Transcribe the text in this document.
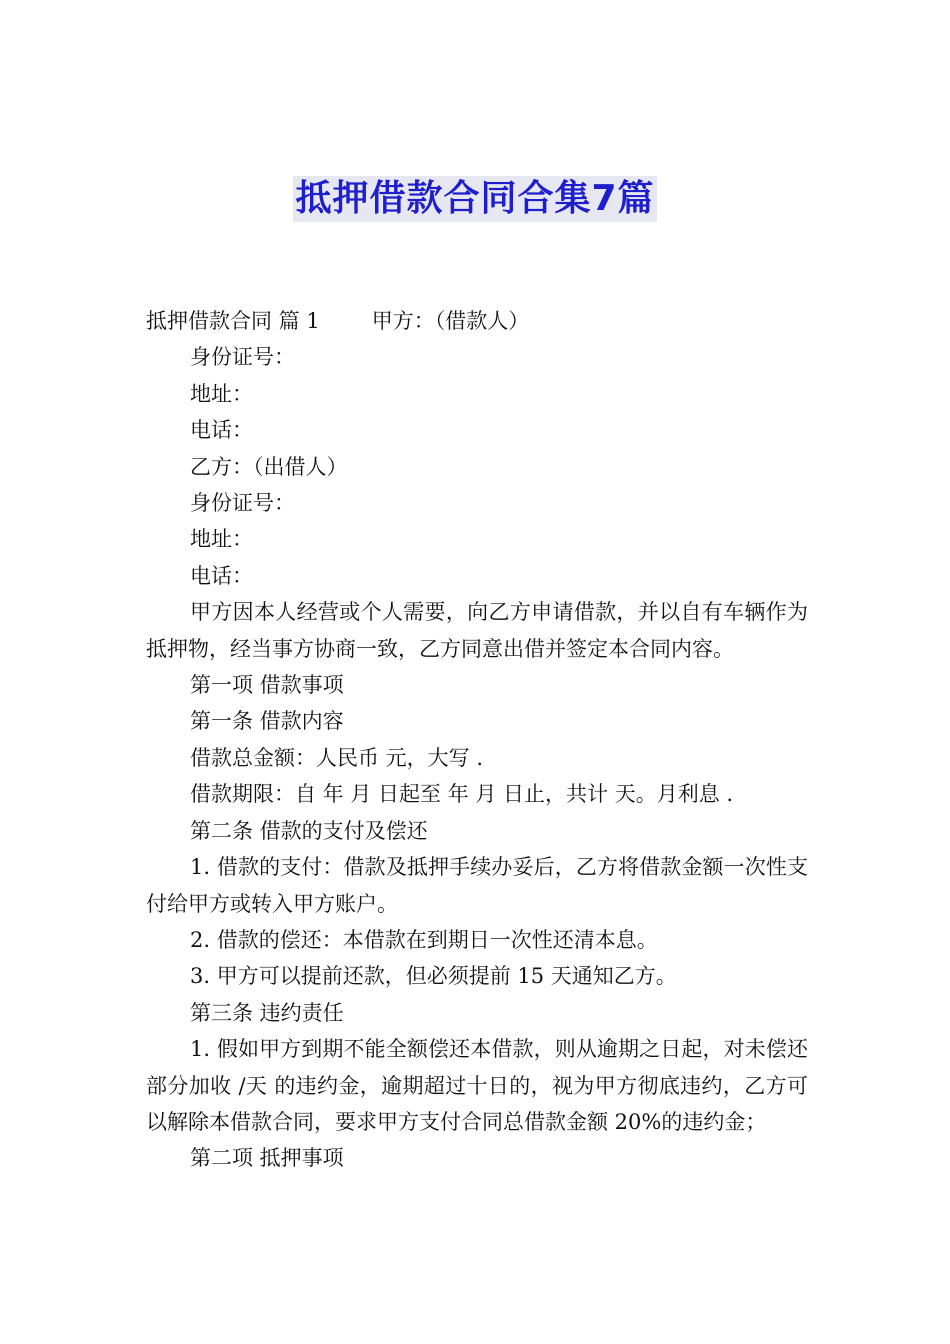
抵押借款合同合集7篇

抵押借款合同 篇 1 甲方：（借款人）

身份证号：

地址：

电话：

乙方：（出借人）

身份证号：

地址：

电话：

甲方因本人经营或个人需要，向乙方申请借款，并以自有车辆作为抵押物，经当事方协商一致，乙方同意出借并签定本合同内容。

第一项 借款事项

第一条 借款内容

借款总金额：人民币 元，大写 .

借款期限：自 年 月 日起至 年 月 日止，共计 天。月利息 .

第二条 借款的支付及偿还

1. 借款的支付：借款及抵押手续办妥后，乙方将借款金额一次性支付给甲方或转入甲方账户。

2. 借款的偿还：本借款在到期日一次性还清本息。

3. 甲方可以提前还款，但必须提前 15 天通知乙方。

第三条 违约责任

1. 假如甲方到期不能全额偿还本借款，则从逾期之日起，对未偿还部分加收 /天 的违约金，逾期超过十日的，视为甲方彻底违约，乙方可以解除本借款合同，要求甲方支付合同总借款金额 20%的违约金；

第二项 抵押事项
